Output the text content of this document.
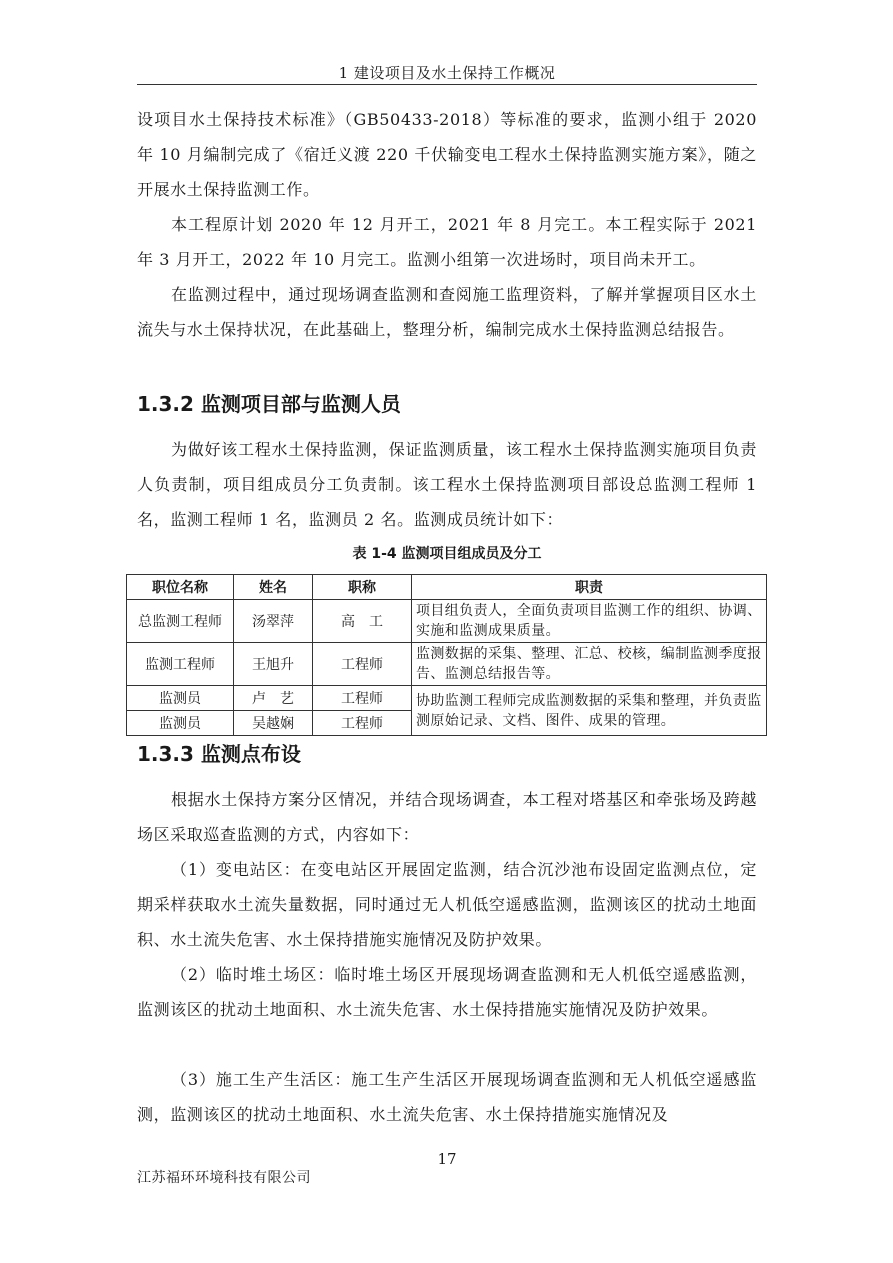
1 建设项目及水土保持工作概况

设项目水土保持技术标准》（GB50433-2018）等标准的要求，监测小组于 2020 年 10 月编制完成了《宿迁义渡 220 千伏输变电工程水土保持监测实施方案》，随之开展水土保持监测工作。

本工程原计划 2020 年 12 月开工，2021 年 8 月完工。本工程实际于 2021 年 3 月开工，2022 年 10 月完工。监测小组第一次进场时，项目尚未开工。

在监测过程中，通过现场调查监测和查阅施工监理资料，了解并掌握项目区水土流失与水土保持状况，在此基础上，整理分析，编制完成水土保持监测总结报告。

1.3.2 监测项目部与监测人员

为做好该工程水土保持监测，保证监测质量，该工程水土保持监测实施项目负责人负责制，项目组成员分工负责制。该工程水土保持监测项目部设总监测工程师 1 名，监测工程师 1 名，监测员 2 名。监测成员统计如下：

表 1-4 监测项目组成员及分工
职位名称	姓名	职称	职责
总监测工程师	汤翠萍	高　工	项目组负责人，全面负责项目监测工作的组织、协调、实施和监测成果质量。
监测工程师	王旭升	工程师	监测数据的采集、整理、汇总、校核，编制监测季度报告、监测总结报告等。
监测员	卢　艺	工程师	协助监测工程师完成监测数据的采集和整理，并负责监测原始记录、文档、图件、成果的管理。
监测员	吴越娴	工程师	
1.3.3 监测点布设

根据水土保持方案分区情况，并结合现场调查，本工程对塔基区和牵张场及跨越场区采取巡查监测的方式，内容如下：

（1）变电站区：在变电站区开展固定监测，结合沉沙池布设固定监测点位，定期采样获取水土流失量数据，同时通过无人机低空遥感监测，监测该区的扰动土地面积、水土流失危害、水土保持措施实施情况及防护效果。

（2）临时堆土场区：临时堆土场区开展现场调查监测和无人机低空遥感监测，监测该区的扰动土地面积、水土流失危害、水土保持措施实施情况及防护效果。

（3）施工生产生活区：施工生产生活区开展现场调查监测和无人机低空遥感监测，监测该区的扰动土地面积、水土流失危害、水土保持措施实施情况及

17
江苏福环环境科技有限公司
